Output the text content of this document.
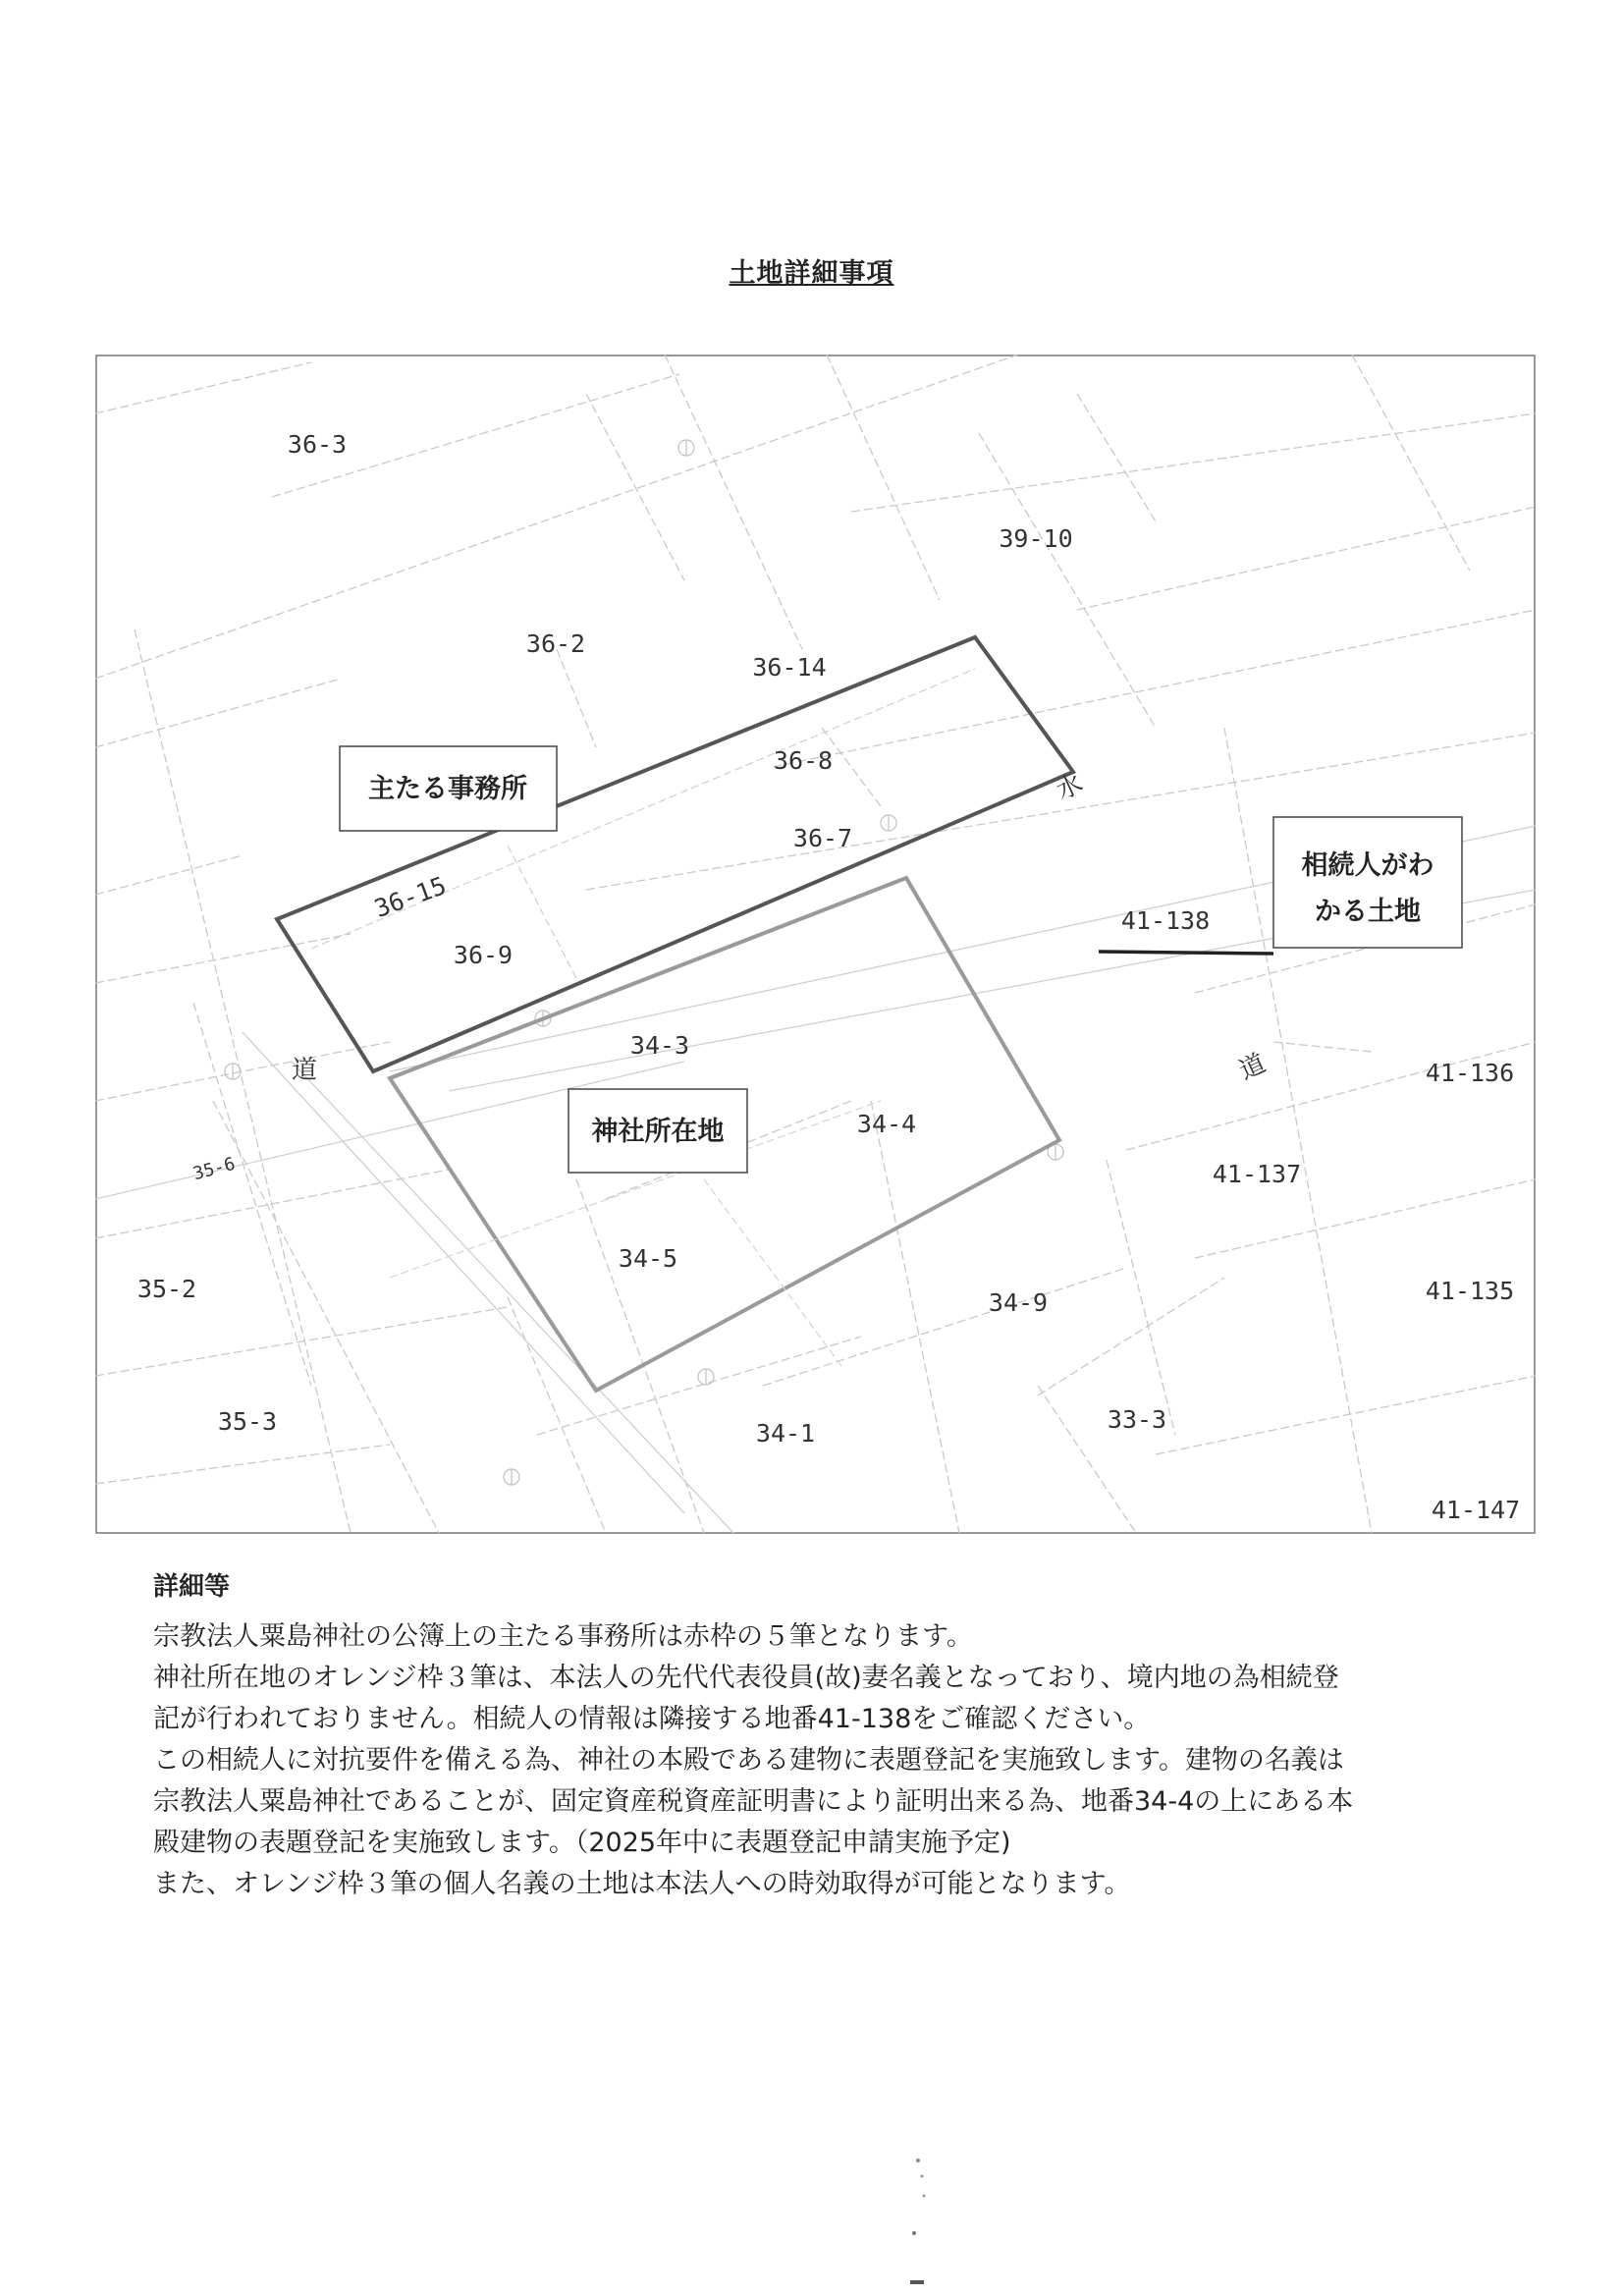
土地詳細事項
主たる事務所
相続人がわ
かる土地
神社所在地
道	道
水
36-3
39-10
36-2
36-14
36-8
36-7
36-15
36-9
41-138
34-3
34-4
34-5
34-9
34-1	33-3
35-6
35-2
35-3
41-136
41-137
41-135
41-147
詳細等

宗教法人粟島神社の公簿上の主たる事務所は赤枠の５筆となります。

神社所在地のオレンジ枠３筆は、本法人の先代代表役員(故)妻名義となっており、境内地の為相続登

記が行われておりません。相続人の情報は隣接する地番41-138をご確認ください。

この相続人に対抗要件を備える為、神社の本殿である建物に表題登記を実施致します。建物の名義は

宗教法人粟島神社であることが、固定資産税資産証明書により証明出来る為、地番34-4の上にある本

殿建物の表題登記を実施致します。（2025年中に表題登記申請実施予定)

また、オレンジ枠３筆の個人名義の土地は本法人への時効取得が可能となります。
